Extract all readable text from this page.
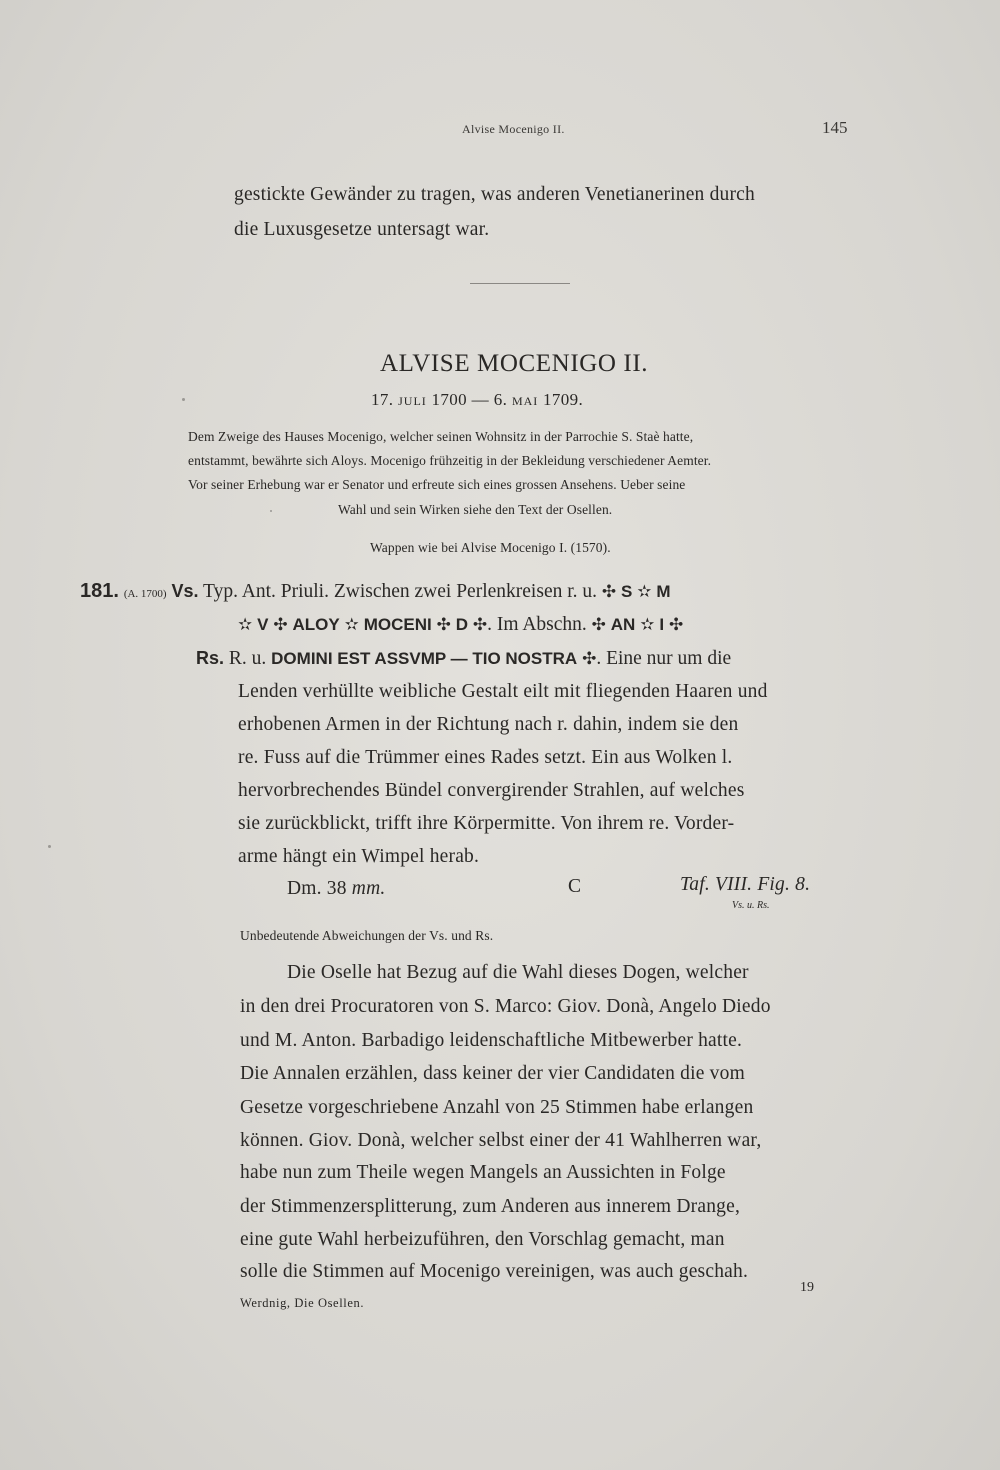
Alvise Mocenigo II.	145
gestickte Gewänder zu tragen, was anderen Venetianerinen durch
die Luxusgesetze untersagt war.
ALVISE MOCENIGO II.
17. JULI 1700 — 6. MAI 1709.
Dem Zweige des Hauses Mocenigo, welcher seinen Wohnsitz in der Parrochie S. Staè hatte,
entstammt, bewährte sich Aloys. Mocenigo frühzeitig in der Bekleidung verschiedener Aemter.
Vor seiner Erhebung war er Senator und erfreute sich eines grossen Ansehens. Ueber seine
Wahl und sein Wirken siehe den Text der Osellen.
Wappen wie bei Alvise Mocenigo I. (1570).
181. (A. 1700) Vs. Typ. Ant. Priuli. Zwischen zwei Perlenkreisen r. u. ✣ S ✫ M
✫ V ✣ ALOY ✫ MOCENI ✣ D ✣. Im Abschn. ✣ AN ✫ I ✣
Rs. R. u. DOMINI EST ASSVMP — TIO NOSTRA ✣. Eine nur um die
Lenden verhüllte weibliche Gestalt eilt mit fliegenden Haaren und
erhobenen Armen in der Richtung nach r. dahin, indem sie den
re. Fuss auf die Trümmer eines Rades setzt. Ein aus Wolken l.
hervorbrechendes Bündel convergirender Strahlen, auf welches
sie zurückblickt, trifft ihre Körpermitte. Von ihrem re. Vorder-
arme hängt ein Wimpel herab.
Dm. 38 mm.	C	Taf. VIII. Fig. 8.
Vs. u. Rs.
Unbedeutende Abweichungen der Vs. und Rs.
Die Oselle hat Bezug auf die Wahl dieses Dogen, welcher
in den drei Procuratoren von S. Marco: Giov. Donà, Angelo Diedo
und M. Anton. Barbadigo leidenschaftliche Mitbewerber hatte.
Die Annalen erzählen, dass keiner der vier Candidaten die vom
Gesetze vorgeschriebene Anzahl von 25 Stimmen habe erlangen
können. Giov. Donà, welcher selbst einer der 41 Wahlherren war,
habe nun zum Theile wegen Mangels an Aussichten in Folge
der Stimmenzersplitterung, zum Anderen aus innerem Drange,
eine gute Wahl herbeizuführen, den Vorschlag gemacht, man
solle die Stimmen auf Mocenigo vereinigen, was auch geschah.
Werdnig, Die Osellen.
19
